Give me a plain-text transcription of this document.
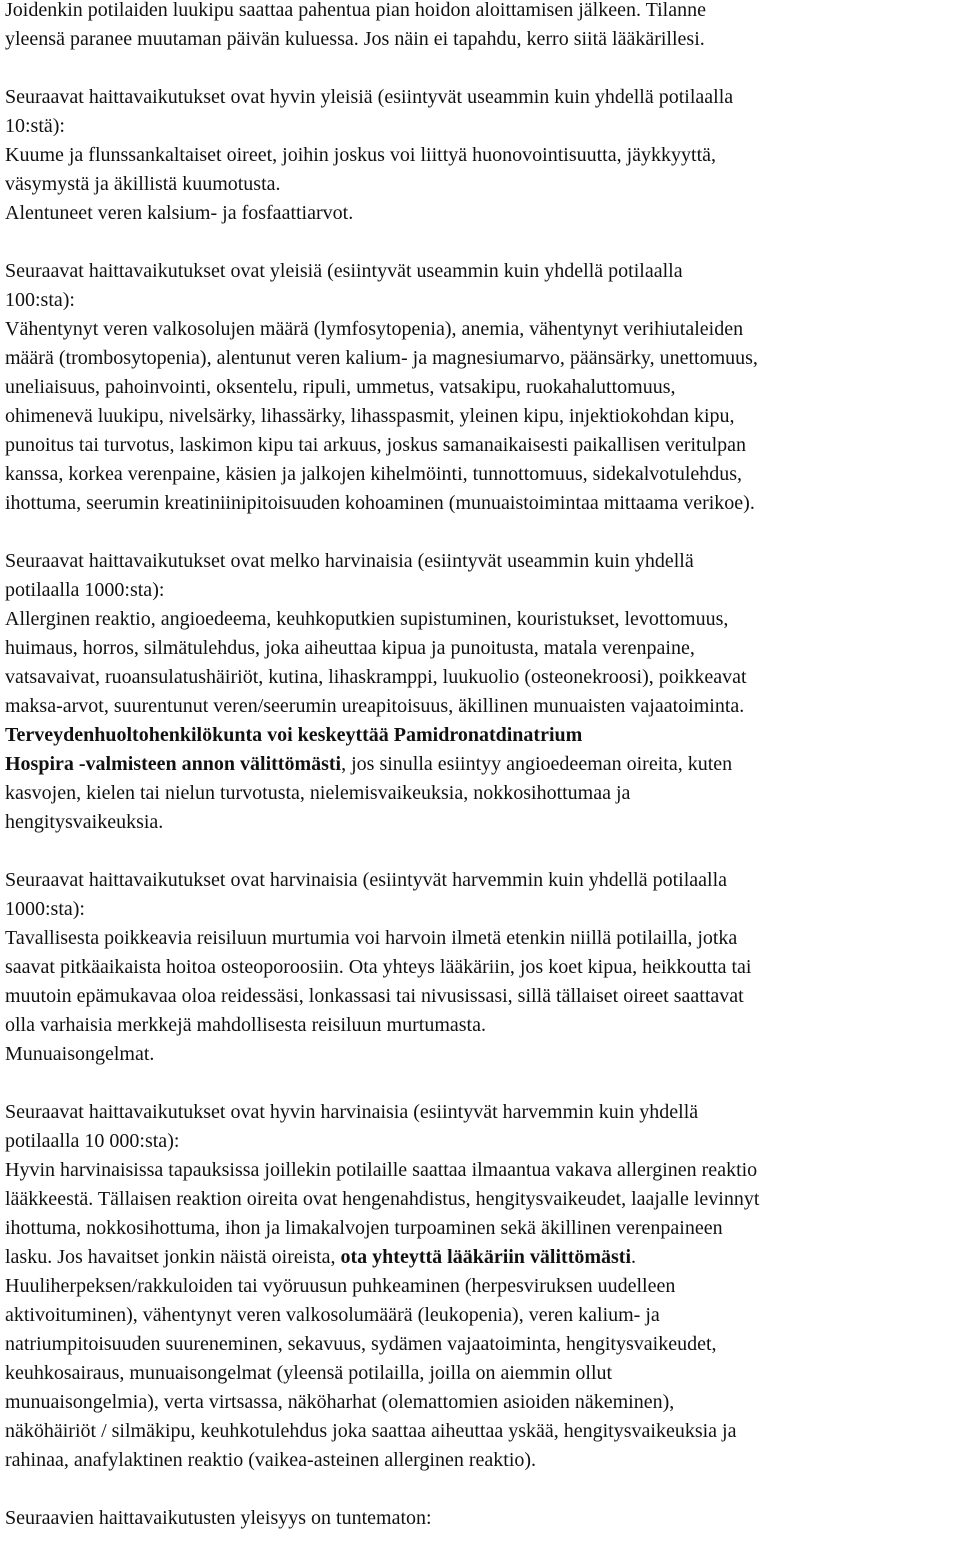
Joidenkin potilaiden luukipu saattaa pahentua pian hoidon aloittamisen jälkeen. Tilanne
yleensä paranee muutaman päivän kuluessa. Jos näin ei tapahdu, kerro siitä lääkärillesi.
Seuraavat haittavaikutukset ovat hyvin yleisiä (esiintyvät useammin kuin yhdellä potilaalla
10:stä):
Kuume ja flunssankaltaiset oireet, joihin joskus voi liittyä huonovointisuutta, jäykkyyttä,
väsymystä ja äkillistä kuumotusta.
Alentuneet veren kalsium- ja fosfaattiarvot.
Seuraavat haittavaikutukset ovat yleisiä (esiintyvät useammin kuin yhdellä potilaalla
100:sta):
Vähentynyt veren valkosolujen määrä (lymfosytopenia), anemia, vähentynyt verihiutaleiden
määrä (trombosytopenia), alentunut veren kalium- ja magnesiumarvo, päänsärky, unettomuus,
uneliaisuus, pahoinvointi, oksentelu, ripuli, ummetus, vatsakipu, ruokahaluttomuus,
ohimenevä luukipu, nivelsärky, lihassärky, lihasspasmit, yleinen kipu, injektiokohdan kipu,
punoitus tai turvotus, laskimon kipu tai arkuus, joskus samanaikaisesti paikallisen veritulpan
kanssa, korkea verenpaine, käsien ja jalkojen kihelmöinti, tunnottomuus, sidekalvotulehdus,
ihottuma, seerumin kreatiniinipitoisuuden kohoaminen (munuaistoimintaa mittaama verikoe).
Seuraavat haittavaikutukset ovat melko harvinaisia (esiintyvät useammin kuin yhdellä
potilaalla 1000:sta):
Allerginen reaktio, angioedeema, keuhkoputkien supistuminen, kouristukset, levottomuus,
huimaus, horros, silmätulehdus, joka aiheuttaa kipua ja punoitusta, matala verenpaine,
vatsavaivat, ruoansulatushäiriöt, kutina, lihaskramppi, luukuolio (osteonekroosi), poikkeavat
maksa-arvot, suurentunut veren/seerumin ureapitoisuus, äkillinen munuaisten vajaatoiminta.
Terveydenhuoltohenkilökunta voi keskeyttää Pamidronatdinatrium
Hospira -valmisteen annon välittömästi, jos sinulla esiintyy angioedeeman oireita, kuten
kasvojen, kielen tai nielun turvotusta, nielemisvaikeuksia, nokkosihottumaa ja
hengitysvaikeuksia.
Seuraavat haittavaikutukset ovat harvinaisia (esiintyvät harvemmin kuin yhdellä potilaalla
1000:sta):
Tavallisesta poikkeavia reisiluun murtumia voi harvoin ilmetä etenkin niillä potilailla, jotka
saavat pitkäaikaista hoitoa osteoporoosiin. Ota yhteys lääkäriin, jos koet kipua, heikkoutta tai
muutoin epämukavaa oloa reidessäsi, lonkassasi tai nivusissasi, sillä tällaiset oireet saattavat
olla varhaisia merkkejä mahdollisesta reisiluun murtumasta.
Munuaisongelmat.
Seuraavat haittavaikutukset ovat hyvin harvinaisia (esiintyvät harvemmin kuin yhdellä
potilaalla 10 000:sta):
Hyvin harvinaisissa tapauksissa joillekin potilaille saattaa ilmaantua vakava allerginen reaktio
lääkkeestä. Tällaisen reaktion oireita ovat hengenahdistus, hengitysvaikeudet, laajalle levinnyt
ihottuma, nokkosihottuma, ihon ja limakalvojen turpoaminen sekä äkillinen verenpaineen
lasku. Jos havaitset jonkin näistä oireista, ota yhteyttä lääkäriin välittömästi.
Huuliherpeksen/rakkuloiden tai vyöruusun puhkeaminen (herpesviruksen uudelleen
aktivoituminen), vähentynyt veren valkosolumäärä (leukopenia), veren kalium- ja
natriumpitoisuuden suureneminen, sekavuus, sydämen vajaatoiminta, hengitysvaikeudet,
keuhkosairaus, munuaisongelmat (yleensä potilailla, joilla on aiemmin ollut
munuaisongelmia), verta virtsassa, näköharhat (olemattomien asioiden näkeminen),
näköhäiriöt / silmäkipu, keuhkotulehdus joka saattaa aiheuttaa yskää, hengitysvaikeuksia ja
rahinaa, anafylaktinen reaktio (vaikea-asteinen allerginen reaktio).
Seuraavien haittavaikutusten yleisyys on tuntematon:
